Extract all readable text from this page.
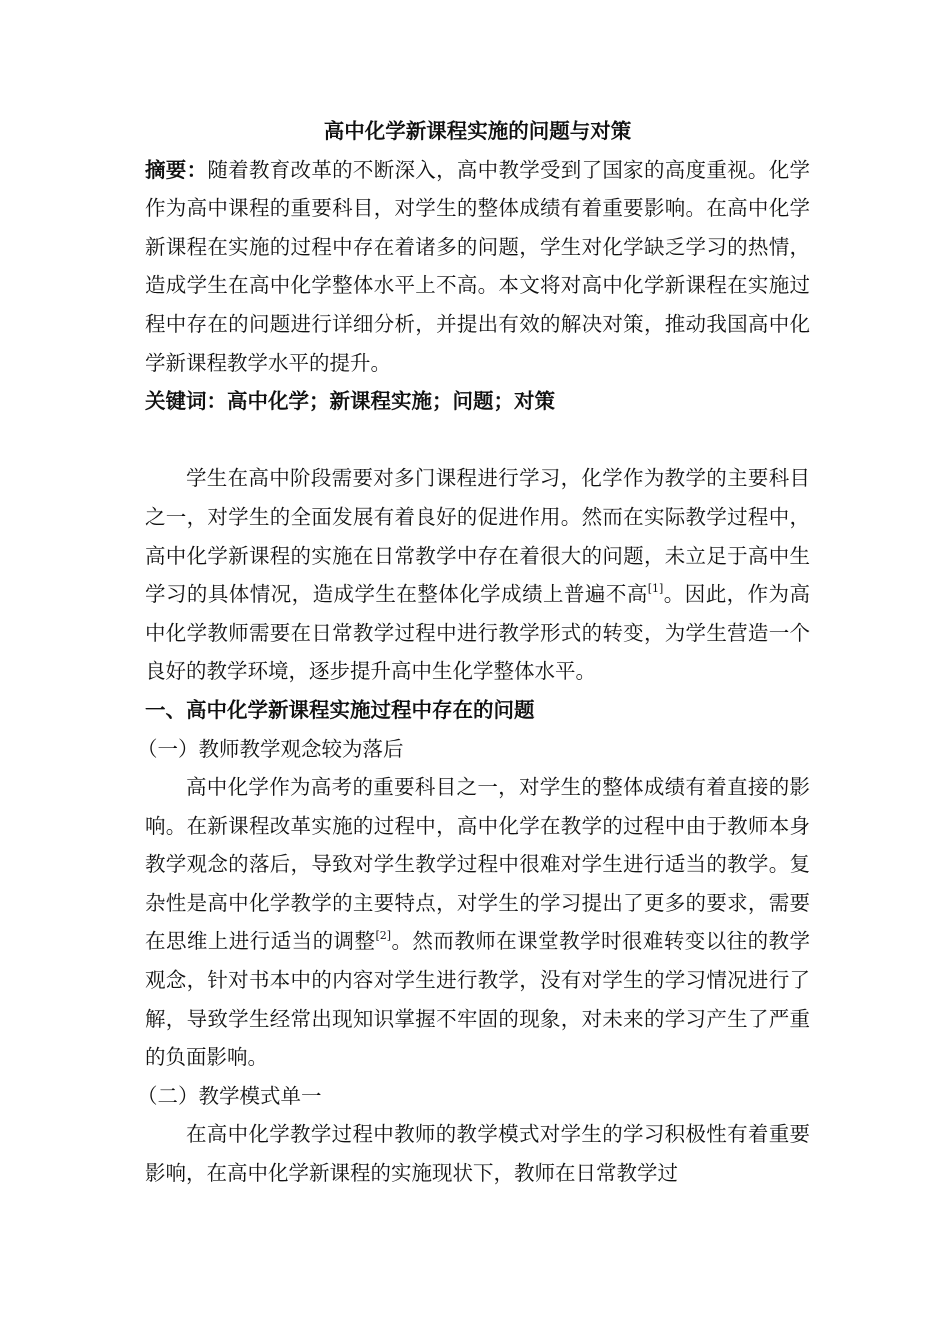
高中化学新课程实施的问题与对策

摘要：随着教育改革的不断深入，高中教学受到了国家的高度重视。化学作为高中课程的重要科目，对学生的整体成绩有着重要影响。在高中化学新课程在实施的过程中存在着诸多的问题，学生对化学缺乏学习的热情，造成学生在高中化学整体水平上不高。本文将对高中化学新课程在实施过程中存在的问题进行详细分析，并提出有效的解决对策，推动我国高中化学新课程教学水平的提升。

关键词：高中化学；新课程实施；问题；对策

学生在高中阶段需要对多门课程进行学习，化学作为教学的主要科目之一，对学生的全面发展有着良好的促进作用。然而在实际教学过程中，高中化学新课程的实施在日常教学中存在着很大的问题，未立足于高中生学习的具体情况，造成学生在整体化学成绩上普遍不高[1]。因此，作为高中化学教师需要在日常教学过程中进行教学形式的转变，为学生营造一个良好的教学环境，逐步提升高中生化学整体水平。

一、高中化学新课程实施过程中存在的问题

（一）教师教学观念较为落后

高中化学作为高考的重要科目之一，对学生的整体成绩有着直接的影响。在新课程改革实施的过程中，高中化学在教学的过程中由于教师本身教学观念的落后，导致对学生教学过程中很难对学生进行适当的教学。复杂性是高中化学教学的主要特点，对学生的学习提出了更多的要求，需要在思维上进行适当的调整[2]。然而教师在课堂教学时很难转变以往的教学观念，针对书本中的内容对学生进行教学，没有对学生的学习情况进行了解，导致学生经常出现知识掌握不牢固的现象，对未来的学习产生了严重的负面影响。

（二）教学模式单一

在高中化学教学过程中教师的教学模式对学生的学习积极性有着重要影响，在高中化学新课程的实施现状下，教师在日常教学过
